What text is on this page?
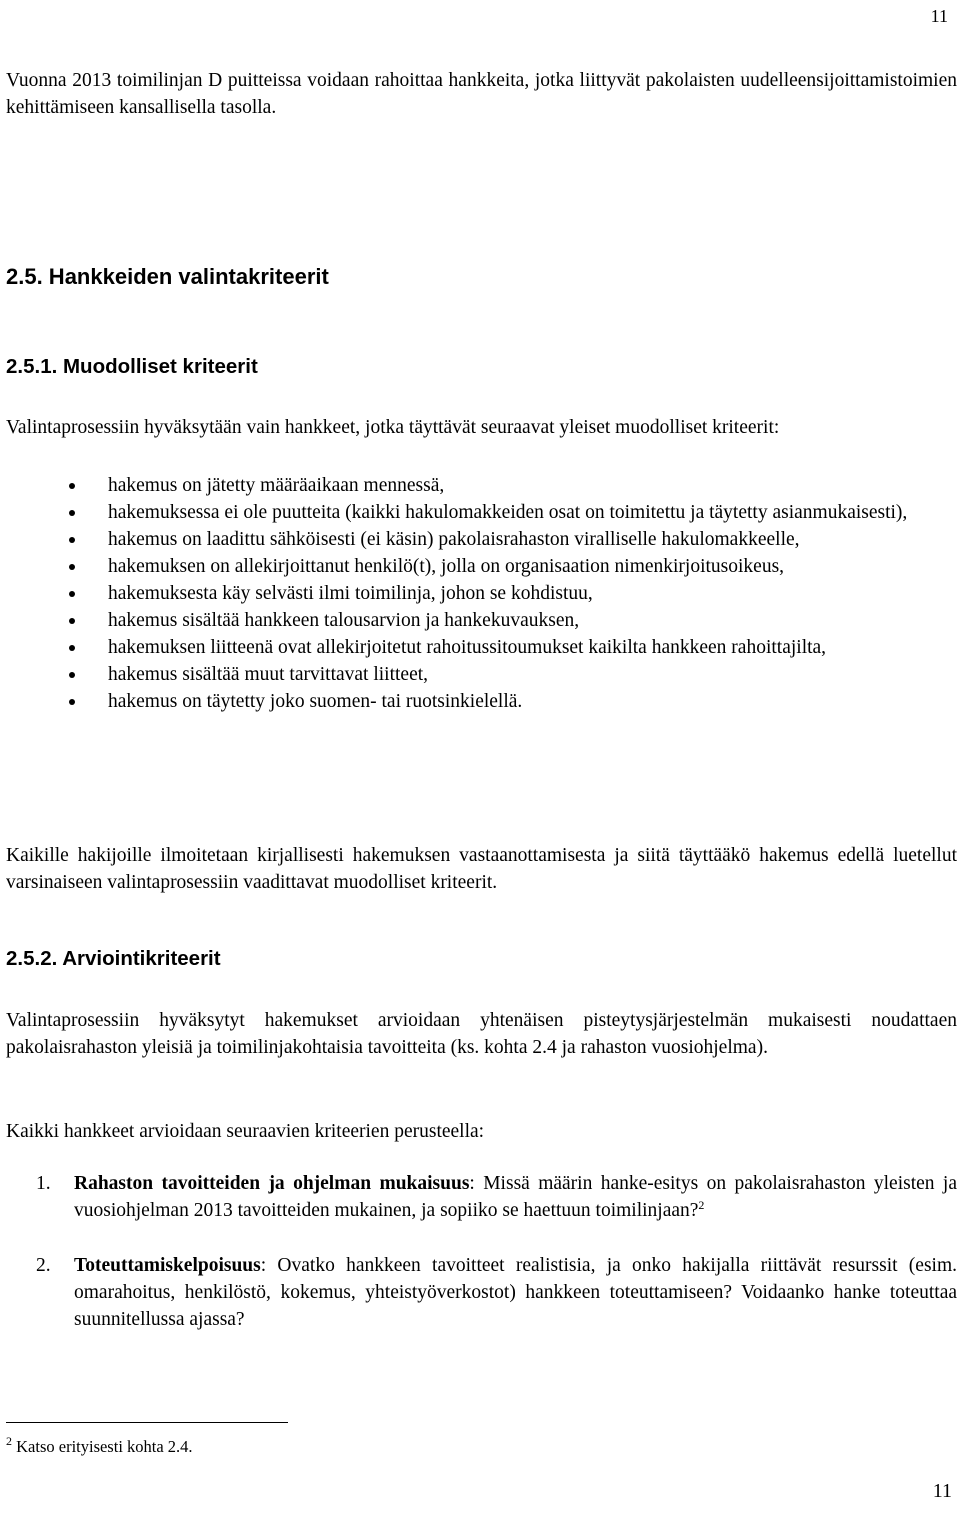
11
Vuonna 2013 toimilinjan D puitteissa voidaan rahoittaa hankkeita, jotka liittyvät pakolaisten uudelleensijoittamistoimien kehittämiseen kansallisella tasolla.
2.5. Hankkeiden valintakriteerit
2.5.1. Muodolliset kriteerit
Valintaprosessiin hyväksytään vain hankkeet, jotka täyttävät seuraavat yleiset muodolliset kriteerit:
hakemus on jätetty määräaikaan mennessä,
hakemuksessa ei ole puutteita (kaikki hakulomakkeiden osat on toimitettu ja täytetty asianmukaisesti),
hakemus on laadittu sähköisesti (ei käsin) pakolaisrahaston viralliselle hakulomakkeelle,
hakemuksen on allekirjoittanut henkilö(t), jolla on organisaation nimenkirjoitusoikeus,
hakemuksesta käy selvästi ilmi toimilinja, johon se kohdistuu,
hakemus sisältää hankkeen talousarvion ja hankekuvauksen,
hakemuksen liitteenä ovat allekirjoitetut rahoitussitoumukset kaikilta hankkeen rahoittajilta,
hakemus sisältää muut tarvittavat liitteet,
hakemus on täytetty joko suomen- tai ruotsinkielellä.
Kaikille hakijoille ilmoitetaan kirjallisesti hakemuksen vastaanottamisesta ja siitä täyttääkö hakemus edellä luetellut varsinaiseen valintaprosessiin vaadittavat muodolliset kriteerit.
2.5.2. Arviointikriteerit
Valintaprosessiin hyväksytyt hakemukset arvioidaan yhtenäisen pisteytysjärjestelmän mukaisesti noudattaen pakolaisrahaston yleisiä ja toimilinjakohtaisia tavoitteita (ks. kohta 2.4 ja rahaston vuosiohjelma).
Kaikki hankkeet arvioidaan seuraavien kriteerien perusteella:
1. Rahaston tavoitteiden ja ohjelman mukaisuus: Missä määrin hanke-esitys on pakolaisrahaston yleisten ja vuosiohjelman 2013 tavoitteiden mukainen, ja sopiiko se haettuun toimilinjaan?$^2$
2. Toteuttamiskelpoisuus: Ovatko hankkeen tavoitteet realistisia, ja onko hakijalla riittävät resurssit (esim. omarahoitus, henkilöstö, kokemus, yhteistyöverkostot) hankkeen toteuttamiseen? Voidaanko hanke toteuttaa suunnitellussa ajassa?
$^2$ Katso erityisesti kohta 2.4.
11
